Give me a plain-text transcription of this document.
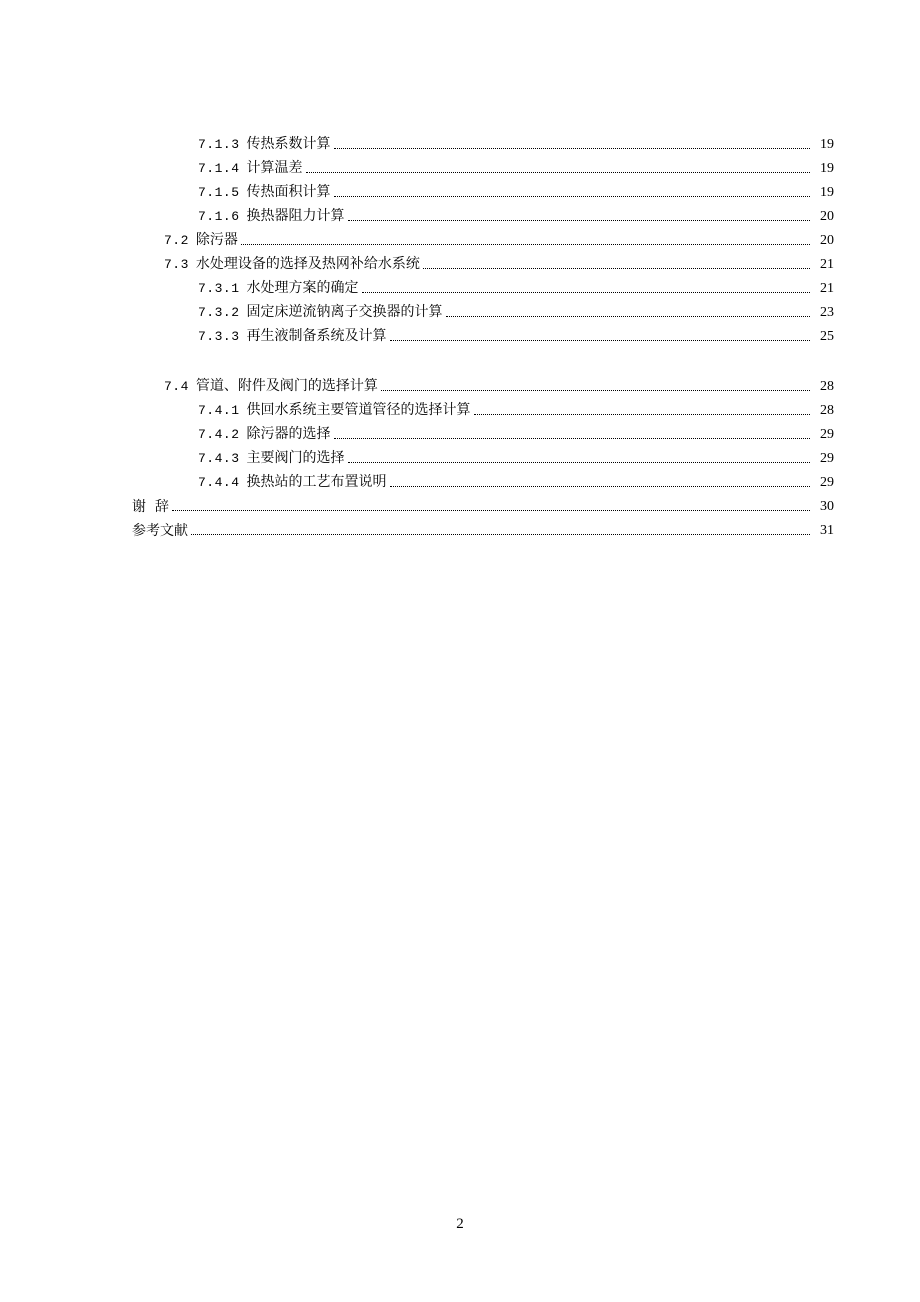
7.1.3 传热系数计算	19
7.1.4 计算温差	19
7.1.5 传热面积计算	19
7.1.6 换热器阻力计算	20
7.2 除污器	20
7.3 水处理设备的选择及热网补给水系统	21
7.3.1 水处理方案的确定	21
7.3.2 固定床逆流钠离子交换器的计算	23
7.3.3 再生液制备系统及计算	25
7.4 管道、附件及阀门的选择计算	28
7.4.1 供回水系统主要管道管径的选择计算	28
7.4.2 除污器的选择	29
7.4.3 主要阀门的选择	29
7.4.4 换热站的工艺布置说明	29
谢  辞	30
参考文献	31
2
